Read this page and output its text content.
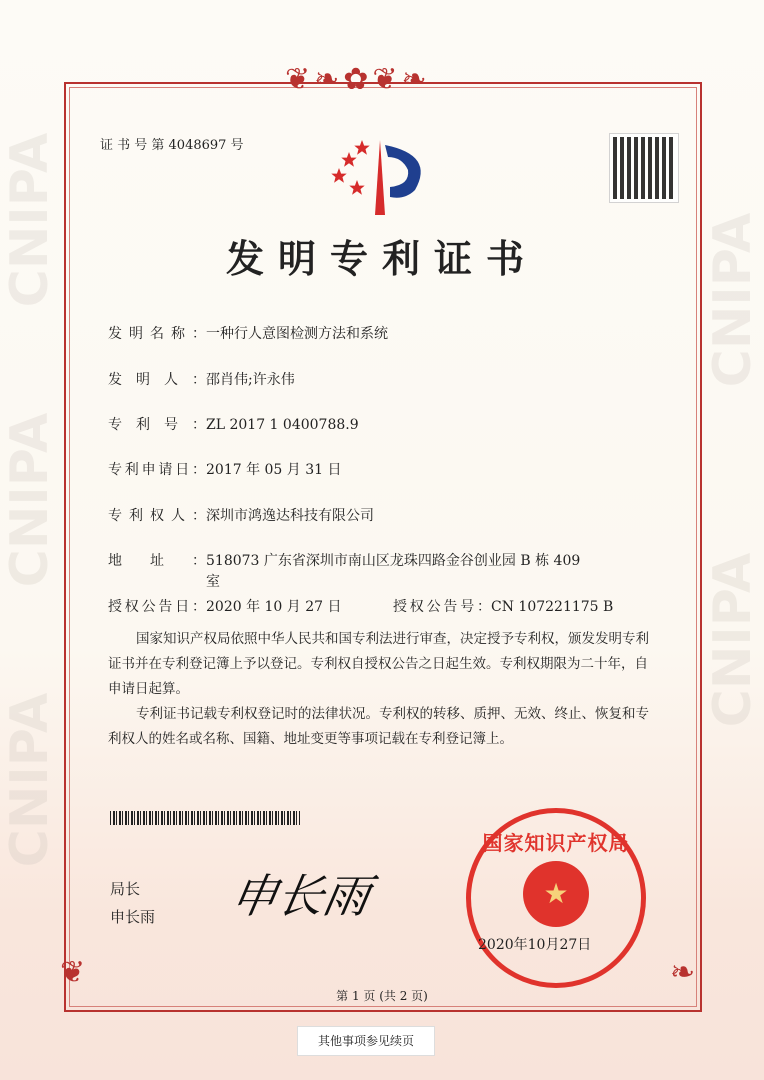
CNIPA
CNIPA
CNIPA
CNIPA
CNIPA
❦❧✿❦❧
❦	❧
证 书 号 第 4048697 号
发明专利证书
发明名称：一种行人意图检测方法和系统
发明人：邵肖伟;许永伟
专利号：ZL 2017 1 0400788.9
专利申请日：2017 年 05 月 31 日
专利权人：深圳市鸿逸达科技有限公司
地址：518073 广东省深圳市南山区龙珠四路金谷创业园 B 栋 409
室
授权公告日：2020 年 10 月 27 日	授权公告号：CN 107221175 B
国家知识产权局依照中华人民共和国专利法进行审查，决定授予专利权，颁发发明专利
证书并在专利登记簿上予以登记。专利权自授权公告之日起生效。专利权期限为二十年，自
申请日起算。
专利证书记载专利权登记时的法律状况。专利权的转移、质押、无效、终止、恢复和专
利权人的姓名或名称、国籍、地址变更等事项记载在专利登记簿上。
局长
申长雨 申长雨
国家知识产权局
★
2020年10月27日
第 1 页 (共 2 页)
其他事项参见续页
